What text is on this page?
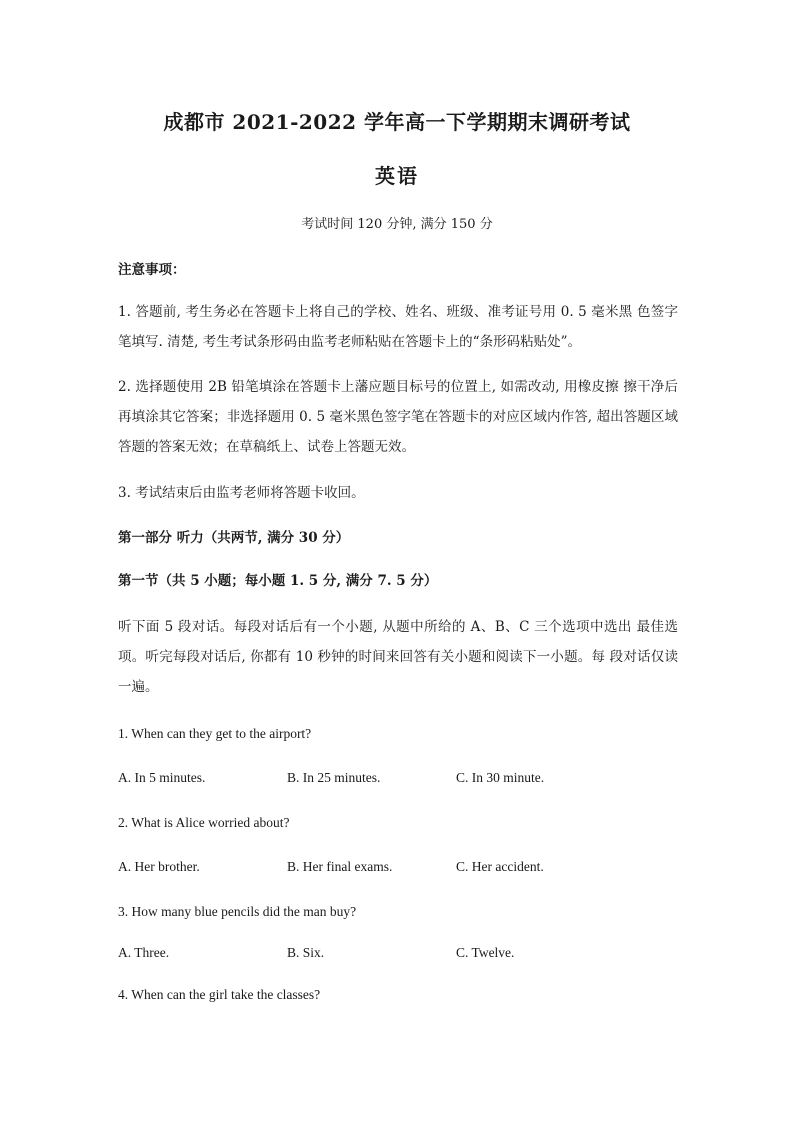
成都市 2021-2022 学年高一下学期期末调研考试
英语
考试时间 120 分钟, 满分 150 分
注意事项：
1. 答题前, 考生务必在答题卡上将自己的学校、姓名、班级、准考证号用 0. 5 毫米黑 色签字笔填写. 清楚, 考生考试条形码由监考老师粘贴在答题卡上的“条形码粘贴处”。
2. 选择题使用 2B 铅笔填涂在答题卡上藩应题目标号的位置上, 如需改动, 用橡皮擦 擦干净后再填涂其它答案；非选择题用 0. 5 毫米黑色签字笔在答题卡的对应区域内作答, 超出答题区域答题的答案无效；在草稿纸上、试卷上答题无效。
3. 考试结束后由监考老师将答题卡收回。
第一部分 听力（共两节, 满分 30 分）
第一节（共 5 小题；每小题 1. 5 分, 满分 7. 5 分）
听下面 5 段对话。每段对话后有一个小题, 从题中所给的 A、B、C 三个选项中选出 最佳选项。听完每段对话后, 你都有 10 秒钟的时间来回答有关小题和阅读下一小题。每 段对话仅读一遍。
1. When can they get to the airport?
A. In 5 minutes.	B. In 25 minutes.	C. In 30 minute.
2. What is Alice worried about?
A. Her brother.	B. Her final exams.	C. Her accident.
3. How many blue pencils did the man buy?
A. Three.	B. Six.	C. Twelve.
4. When can the girl take the classes?
